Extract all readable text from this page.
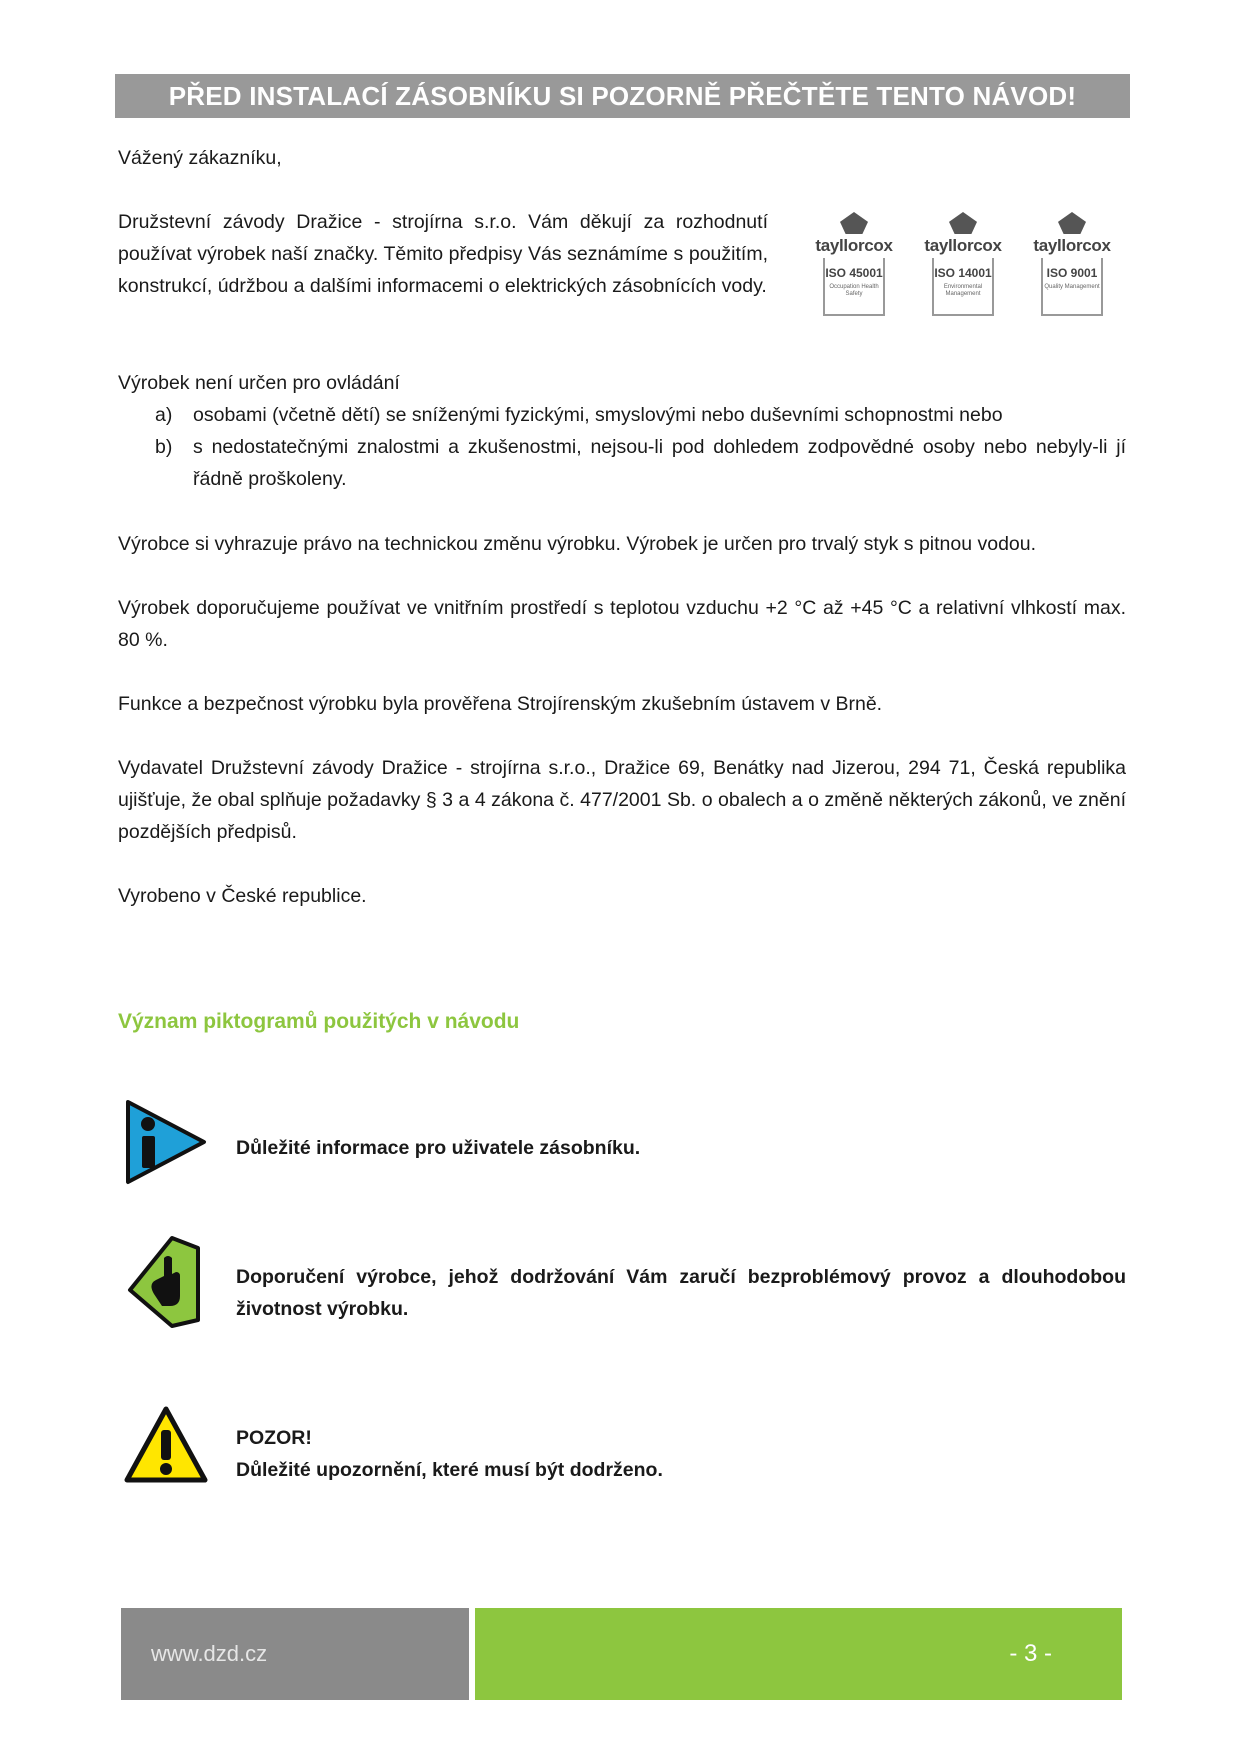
PŘED INSTALACÍ ZÁSOBNÍKU SI POZORNĚ PŘEČTĚTE TENTO NÁVOD!
Vážený zákazníku,
Družstevní závody Dražice - strojírna s.r.o. Vám děkují za rozhodnutí používat výrobek naší značky. Těmito předpisy Vás seznámíme s použitím, konstrukcí, údržbou a dalšími informacemi o elektrických zásobnících vody.
tayllorcox
ISO 45001
Occupation Health Safety
tayllorcox
ISO 14001
Environmental Management
tayllorcox
ISO 9001
Quality Management
Výrobek není určen pro ovládání
a)	osobami (včetně dětí) se sníženými fyzickými, smyslovými nebo duševními schopnostmi nebo
b)	s nedostatečnými znalostmi a zkušenostmi, nejsou-li pod dohledem zodpovědné osoby nebo nebyly-li jí řádně proškoleny.
Výrobce si vyhrazuje právo na technickou změnu výrobku. Výrobek je určen pro trvalý styk s pitnou vodou.
Výrobek doporučujeme používat ve vnitřním prostředí s teplotou vzduchu +2 °C až +45 °C a relativní vlhkostí max. 80 %.
Funkce a bezpečnost výrobku byla prověřena Strojírenským zkušebním ústavem v Brně.
Vydavatel Družstevní závody Dražice - strojírna s.r.o., Dražice 69, Benátky nad Jizerou, 294 71, Česká republika ujišťuje, že obal splňuje požadavky § 3 a 4 zákona č. 477/2001 Sb. o obalech a o změně některých zákonů, ve znění pozdějších předpisů.
Vyrobeno v České republice.
Význam piktogramů použitých v návodu
Důležité informace pro uživatele zásobníku.
Doporučení výrobce, jehož dodržování Vám zaručí bezproblémový provoz a dlouhodobou životnost výrobku.
POZOR!
Důležité upozornění, které musí být dodrženo.
www.dzd.cz	- 3 -
